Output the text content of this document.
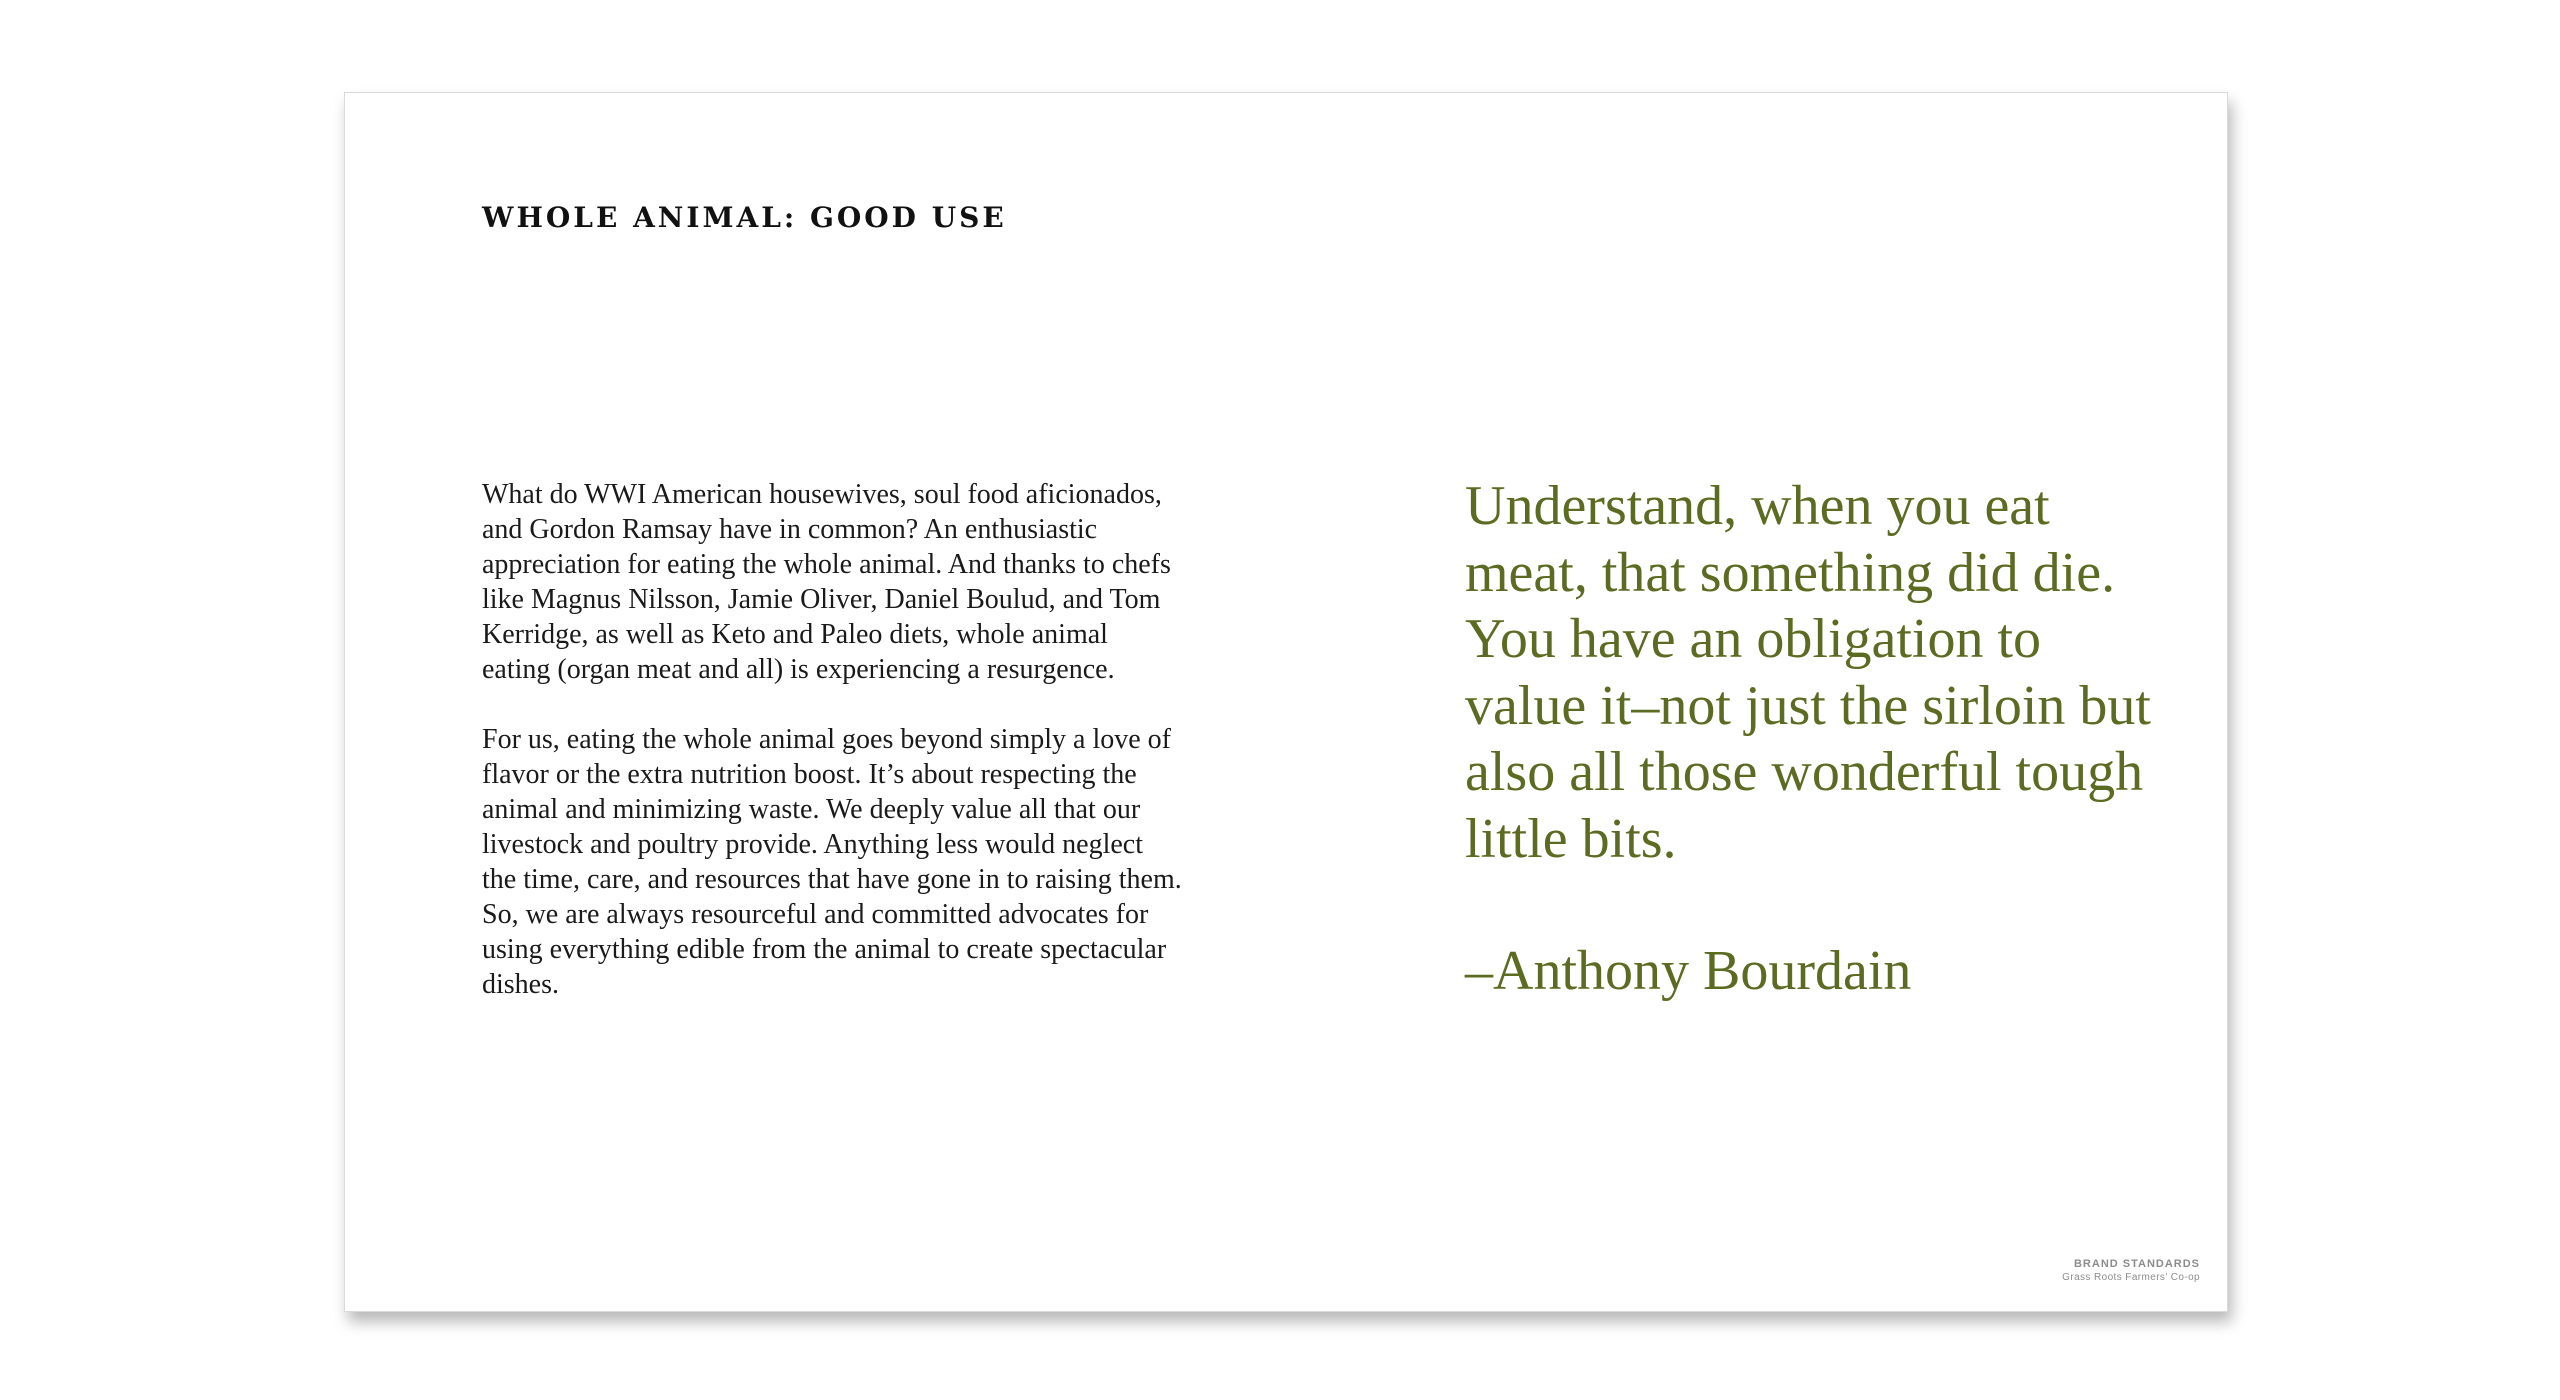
WHOLE ANIMAL: GOOD USE

What do WWI American housewives, soul food aficionados, and Gordon Ramsay have in common? An enthusiastic appreciation for eating the whole animal. And thanks to chefs like Magnus Nilsson, Jamie Oliver, Daniel Boulud, and Tom Kerridge, as well as Keto and Paleo diets, whole animal eating (organ meat and all) is experiencing a resurgence.

For us, eating the whole animal goes beyond simply a love of flavor or the extra nutrition boost. It’s about respecting the animal and minimizing waste. We deeply value all that our livestock and poultry provide. Anything less would neglect the time, care, and resources that have gone in to raising them. So, we are always resourceful and committed advocates for using everything edible from the animal to create spectacular dishes.

Understand, when you eat meat, that something did die. You have an obligation to value it–not just the sirloin but also all those wonderful tough little bits.

–Anthony Bourdain

BRAND STANDARDS
Grass Roots Farmers’ Co-op
